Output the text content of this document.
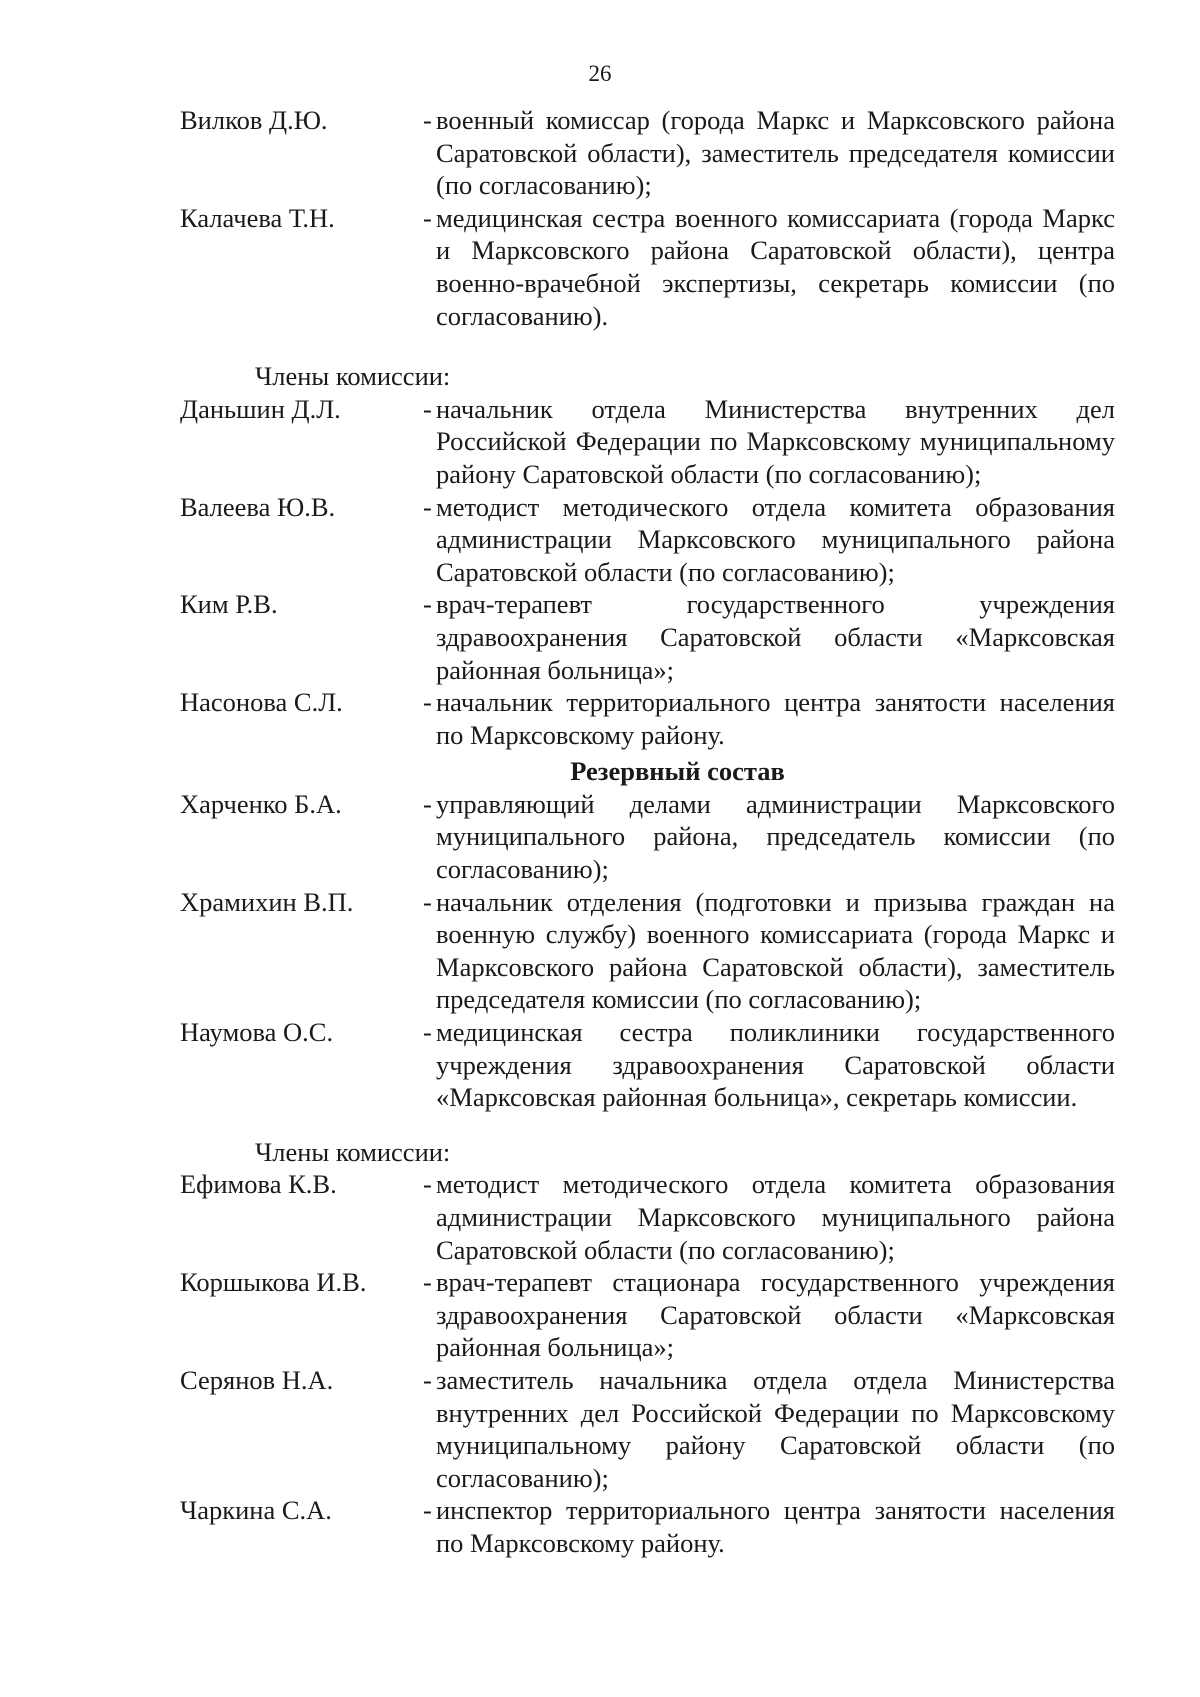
26
Вилков Д.Ю.	- военный комиссар (города Маркс и Марксовского района Саратовской области), заместитель председателя комиссии (по согласованию);
Калачева Т.Н.	- медицинская сестра военного комиссариата (города Маркс и Марксовского района Саратовской области), центра военно-врачебной экспертизы, секретарь комиссии (по согласованию).
Члены комиссии:
Даньшин Д.Л.	- начальник отдела Министерства внутренних дел Российской Федерации по Марксовскому муниципальному району Саратовской области (по согласованию);
Валеева Ю.В.	- методист методического отдела комитета образования администрации Марксовского муниципального района Саратовской области (по согласованию);
Ким Р.В.	- врач-терапевт государственного учреждения здравоохранения Саратовской области «Марксовская районная больница»;
Насонова С.Л.	- начальник территориального центра занятости населения по Марксовскому району.
Резервный состав
Харченко Б.А.	- управляющий делами администрации Марксовского муниципального района, председатель комиссии (по согласованию);
Храмихин В.П.	- начальник отделения (подготовки и призыва граждан на военную службу) военного комиссариата (города Маркс и Марксовского района Саратовской области), заместитель председателя комиссии (по согласованию);
Наумова О.С.	- медицинская сестра поликлиники государственного учреждения здравоохранения Саратовской области «Марксовская районная больница», секретарь комиссии.
Члены комиссии:
Ефимова К.В.	- методист методического отдела комитета образования администрации Марксовского муниципального района Саратовской области (по согласованию);
Коршыкова И.В.	- врач-терапевт стационара государственного учреждения здравоохранения Саратовской области «Марксовская районная больница»;
Серянов Н.А.	- заместитель начальника отдела отдела Министерства внутренних дел Российской Федерации по Марксовскому муниципальному району Саратовской области (по согласованию);
Чаркина С.А.	- инспектор территориального центра занятости населения по Марксовскому району.
